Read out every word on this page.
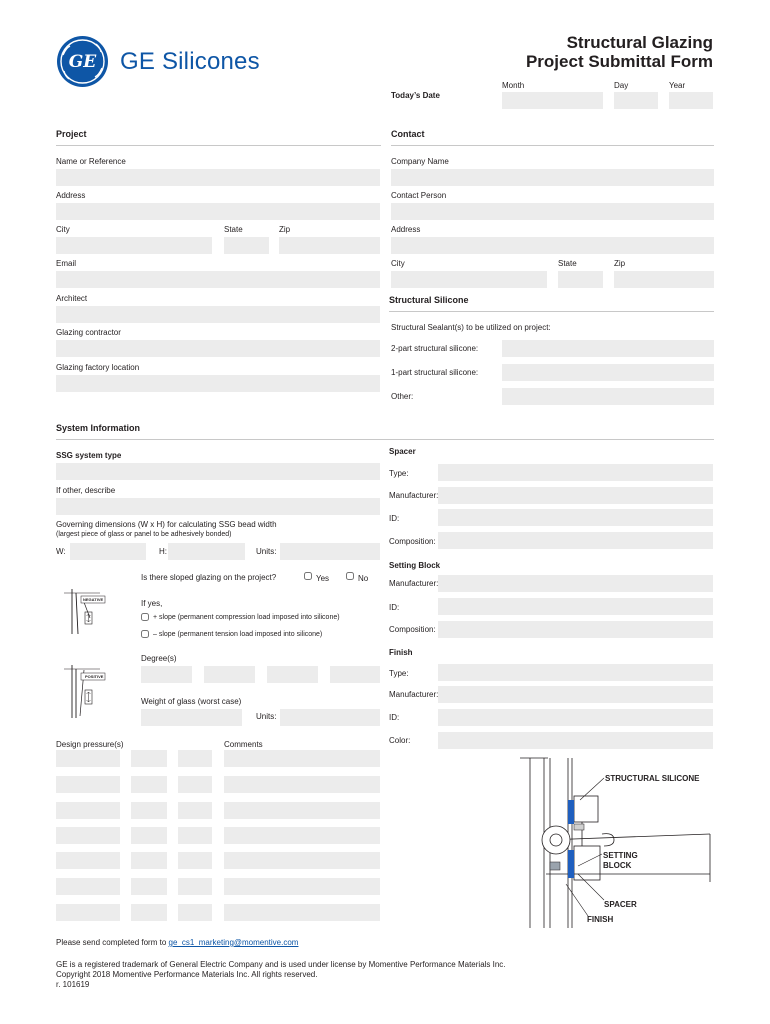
GE GE Silicones
Structural Glazing
Project Submittal Form
Month	Day	Year
Today’s Date
Project
Name or Reference
Address
City	State	Zip
Email
Architect
Glazing contractor
Glazing factory location
Contact
Company Name
Contact Person
Address
City	State	Zip
Structural Silicone
Structural Sealant(s) to be utilized on project:
2-part structural silicone:
1-part structural silicone:
Other:
System Information
SSG system type
If other, describe
Governing dimensions (W x H) for calculating SSG bead width
(largest piece of glass or panel to be adhesively bonded)
W:	H:	Units:
NEGATIVE
POSITIVE
Is there sloped glazing on the project?	Yes	No
If yes,
+ slope (permanent compression load imposed into silicone)
– slope (permanent tension load imposed into silicone)
Degree(s)
Weight of glass (worst case)
Units:
Design pressure(s)	Comments
Spacer
Type:
Manufacturer:
ID:
Composition:
Setting Block
Manufacturer:
ID:
Composition:
Finish
Type:
Manufacturer:
ID:
Color:
STRUCTURAL SILICONE
SETTING
BLOCK
SPACER
FINISH
Please send completed form to ge_cs1_marketing@momentive.com
GE is a registered trademark of General Electric Company and is used under license by Momentive Performance Materials Inc.
Copyright 2018 Momentive Performance Materials Inc. All rights reserved.
r. 101619
